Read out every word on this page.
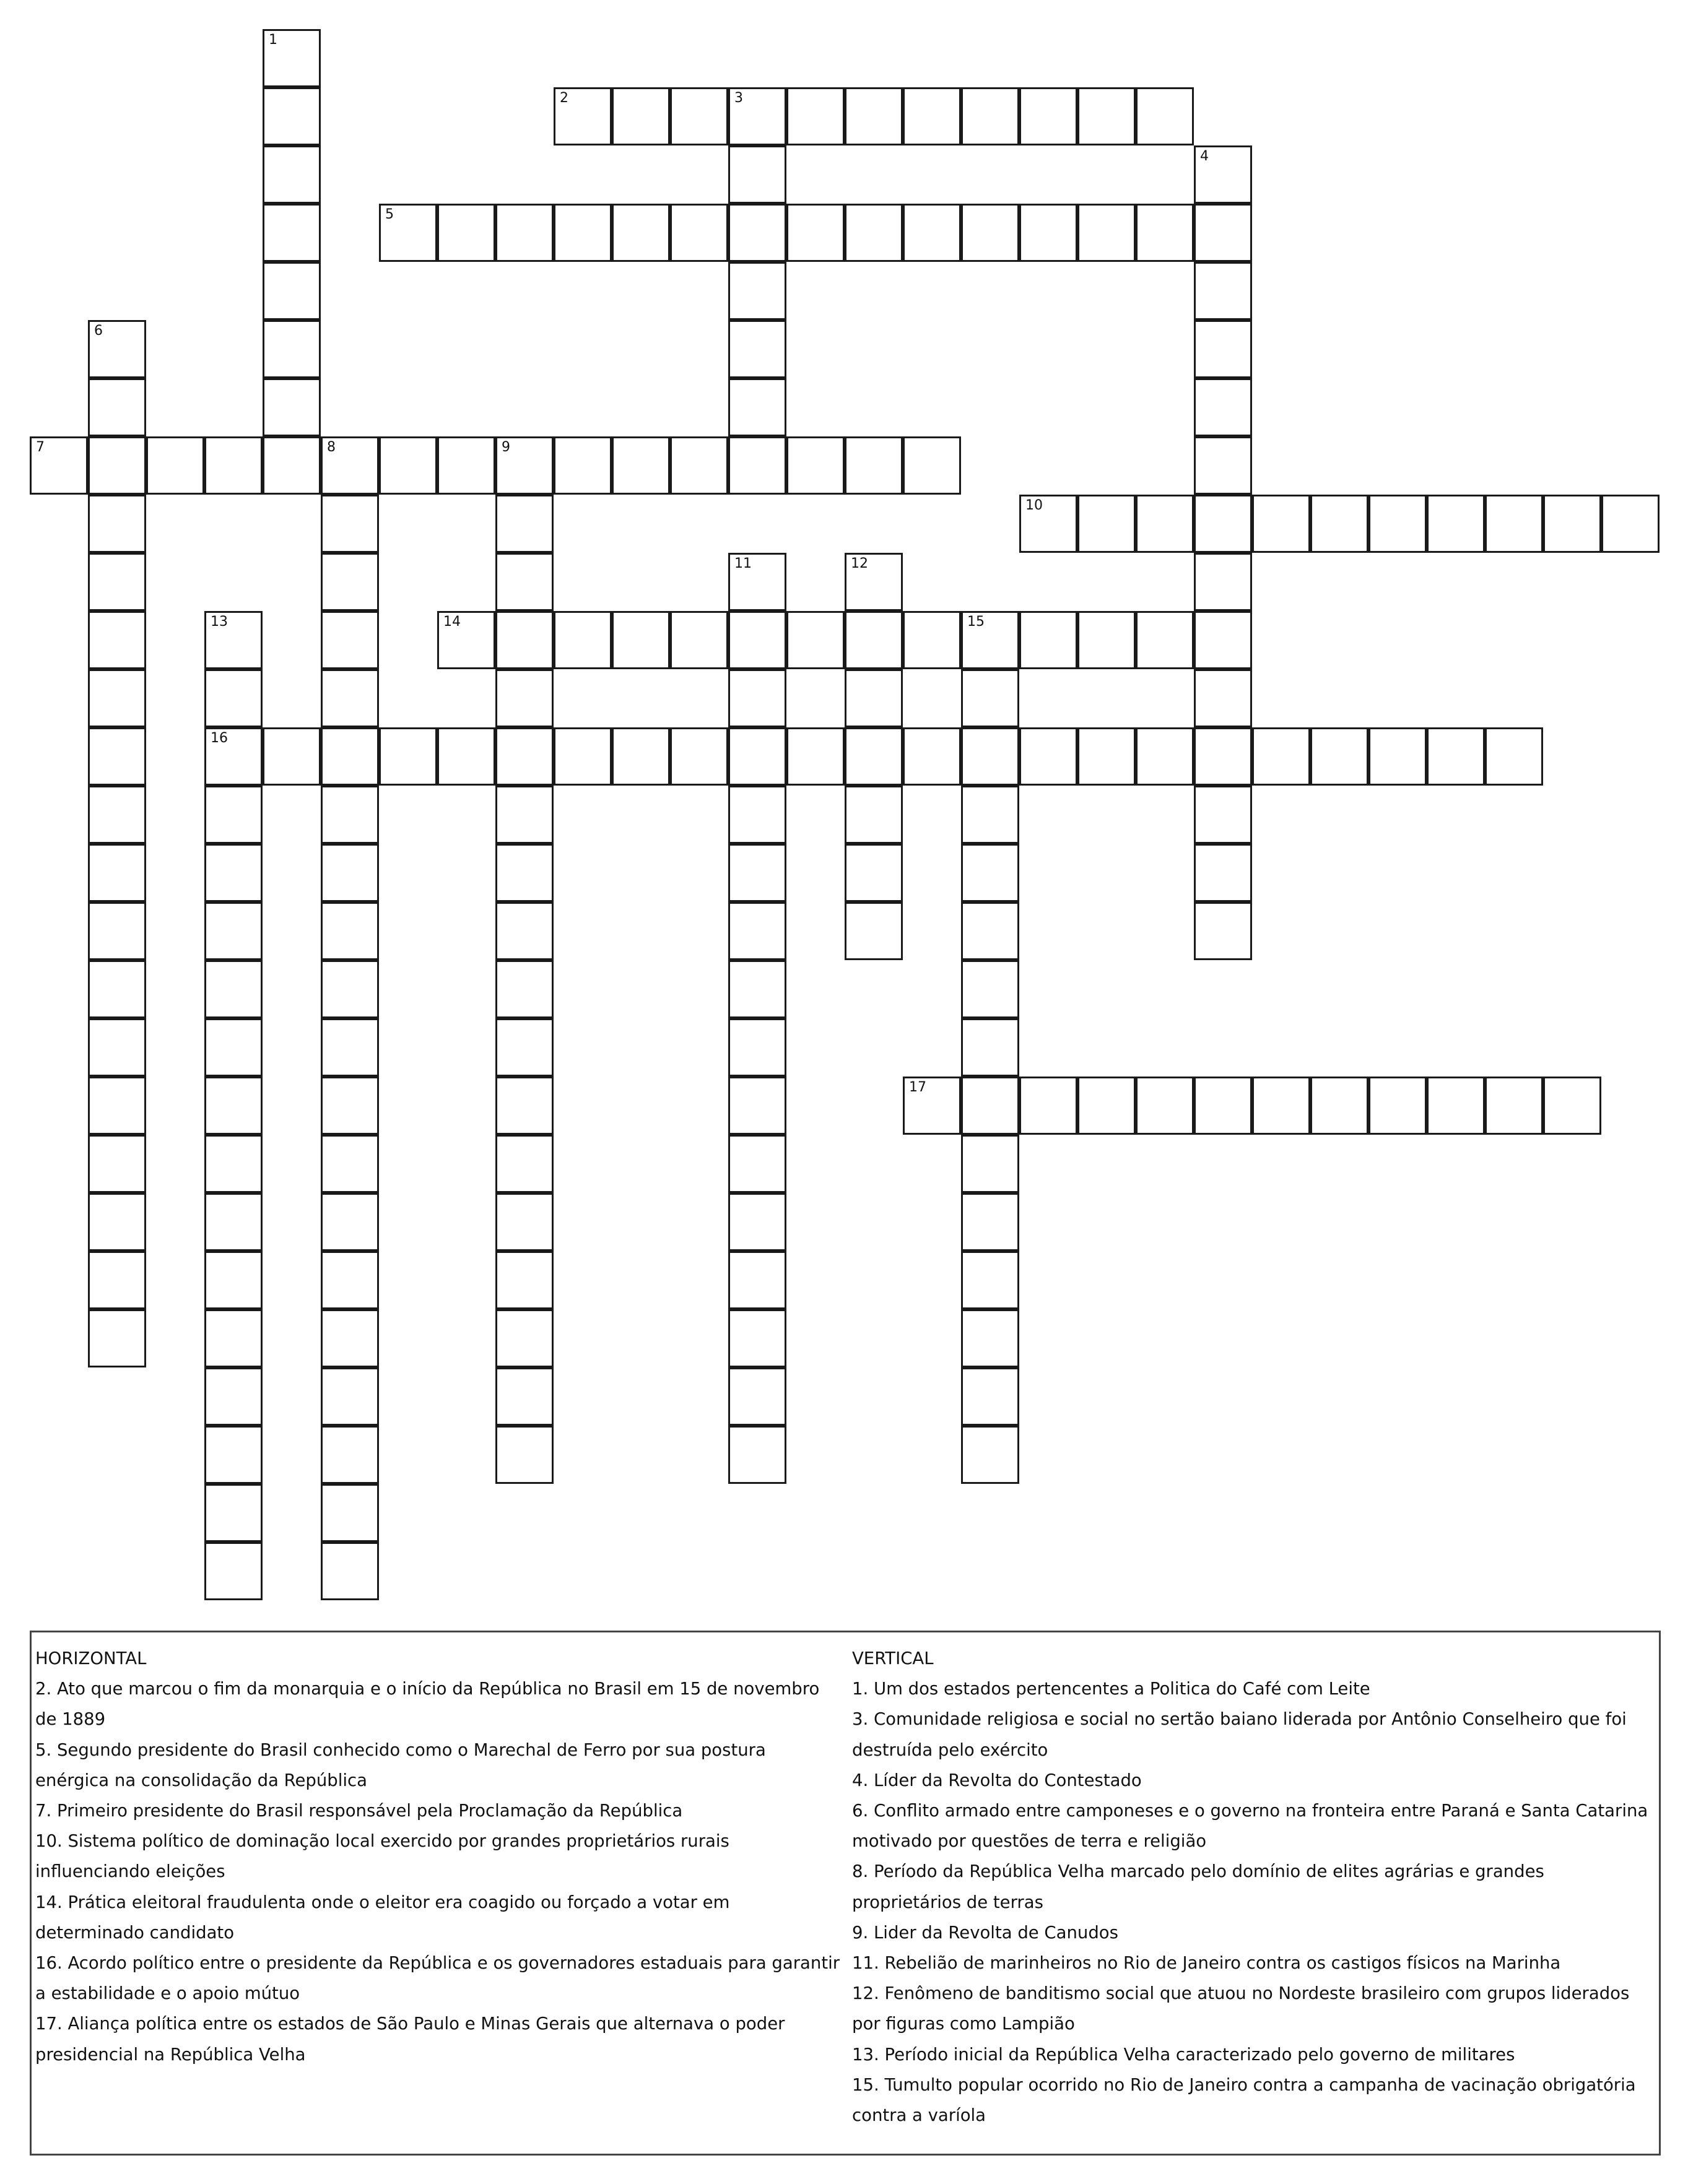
1
2	3
4
5
6
7	8	9
10
11	12
13
16
14	15
17

HORIZONTAL

2. Ato que marcou o fim da monarquia e o início da República no Brasil em 15 de novembro de 1889

5. Segundo presidente do Brasil conhecido como o Marechal de Ferro por sua postura enérgica na consolidação da República

7. Primeiro presidente do Brasil responsável pela Proclamação da República

10. Sistema político de dominação local exercido por grandes proprietários rurais influenciando eleições

14. Prática eleitoral fraudulenta onde o eleitor era coagido ou forçado a votar em determinado candidato

16. Acordo político entre o presidente da República e os governadores estaduais para garantir a estabilidade e o apoio mútuo

17. Aliança política entre os estados de São Paulo e Minas Gerais que alternava o poder presidencial na República Velha

VERTICAL

1. Um dos estados pertencentes a Politica do Café com Leite

3. Comunidade religiosa e social no sertão baiano liderada por Antônio Conselheiro que foi destruída pelo exército

4. Líder da Revolta do Contestado

6. Conflito armado entre camponeses e o governo na fronteira entre Paraná e Santa Catarina motivado por questões de terra e religião

8. Período da República Velha marcado pelo domínio de elites agrárias e grandes proprietários de terras

9. Lider da Revolta de Canudos

11. Rebelião de marinheiros no Rio de Janeiro contra os castigos físicos na Marinha

12. Fenômeno de banditismo social que atuou no Nordeste brasileiro com grupos liderados por figuras como Lampião

13. Período inicial da República Velha caracterizado pelo governo de militares

15. Tumulto popular ocorrido no Rio de Janeiro contra a campanha de vacinação obrigatória contra a varíola
